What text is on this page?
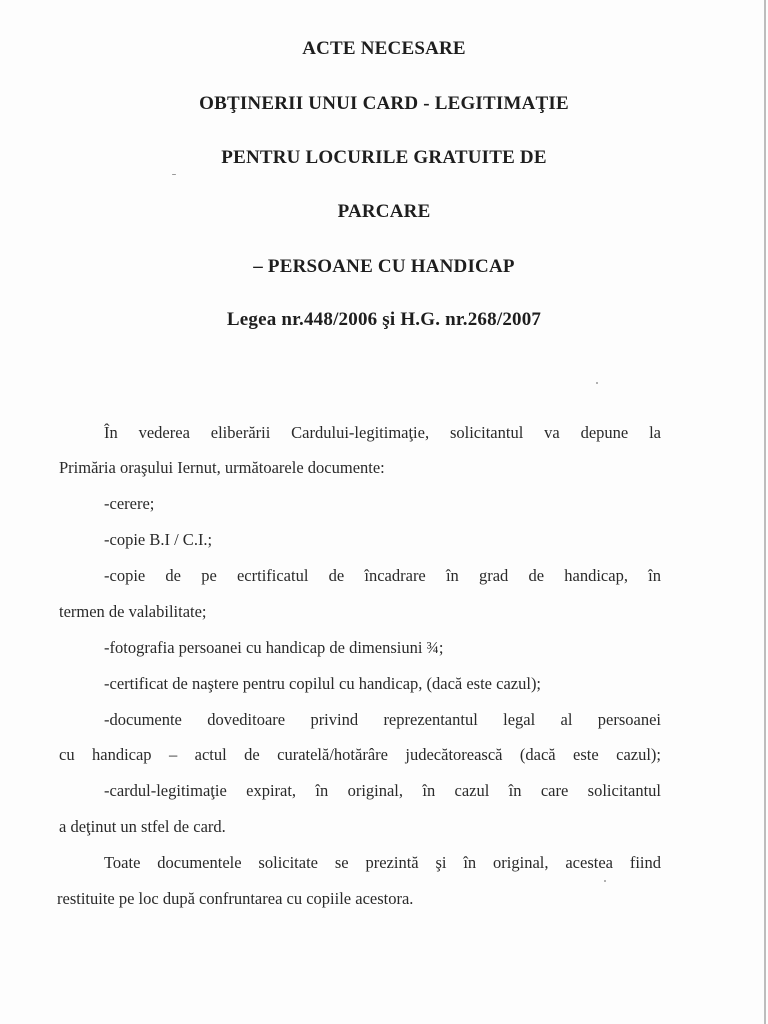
ACTE NECESARE
OBŢINERII UNUI CARD - LEGITIMAŢIE
PENTRU LOCURILE GRATUITE DE
PARCARE
– PERSOANE CU HANDICAP
Legea nr.448/2006 şi H.G. nr.268/2007
În vederea eliberării Cardului-legitimaţie, solicitantul va depune la
Primăria oraşului Iernut, următoarele documente:
-cerere;
-copie B.I / C.I.;
-copie de pe ecrtificatul de încadrare în grad de handicap, în
termen de valabilitate;
-fotografia persoanei cu handicap de dimensiuni ¾;
-certificat de naştere pentru copilul cu handicap, (dacă este cazul);
-documente doveditoare privind reprezentantul legal al persoanei
cu handicap – actul de curatelă/hotărâre judecătorească (dacă este cazul);
-cardul-legitimaţie expirat, în original, în cazul în care solicitantul
a deţinut un stfel de card.
Toate documentele solicitate se prezintă şi în original, acestea fiind
restituite pe loc după confruntarea cu copiile acestora.
